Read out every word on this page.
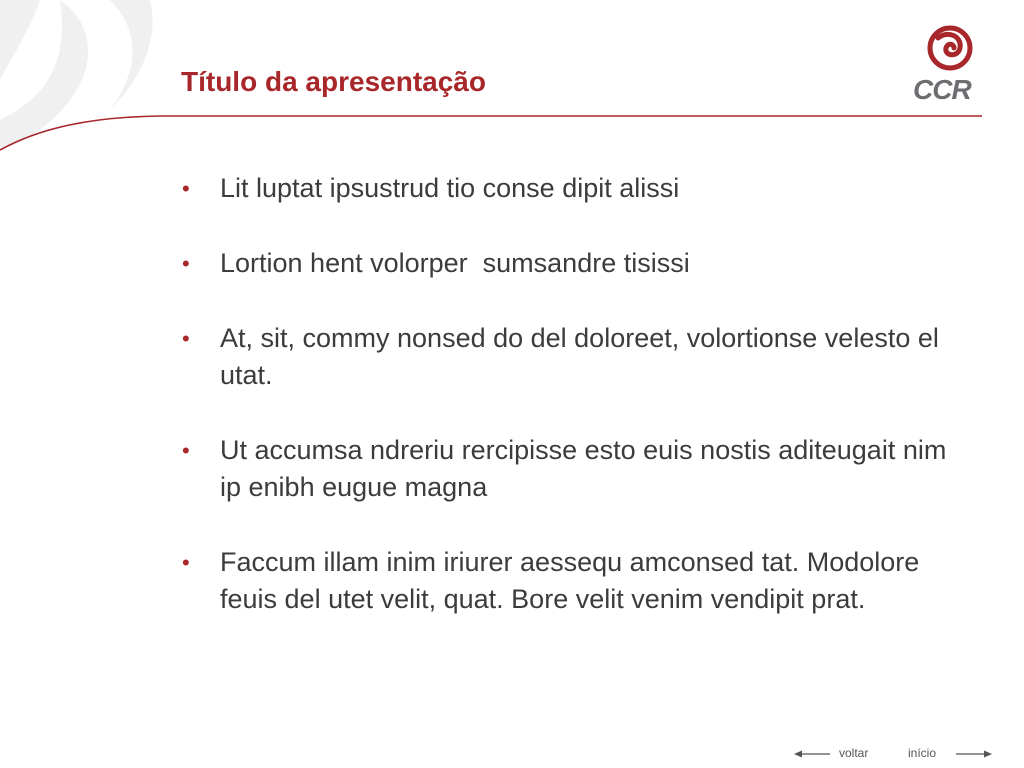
Título da apresentação	CCR
• Lit luptat ipsustrud tio conse dipit alissi
• Lortion hent volorper  sumsandre tisissi
• At, sit, commy nonsed do del doloreet, volortionse velesto el utat.
• Ut accumsa ndreriu rercipisse esto euis nostis aditeugait nim ip enibh eugue magna
• Faccum illam inim iriurer aessequ amconsed tat. Modolore feuis del utet velit, quat. Bore velit venim vendipit prat.
voltar	início
